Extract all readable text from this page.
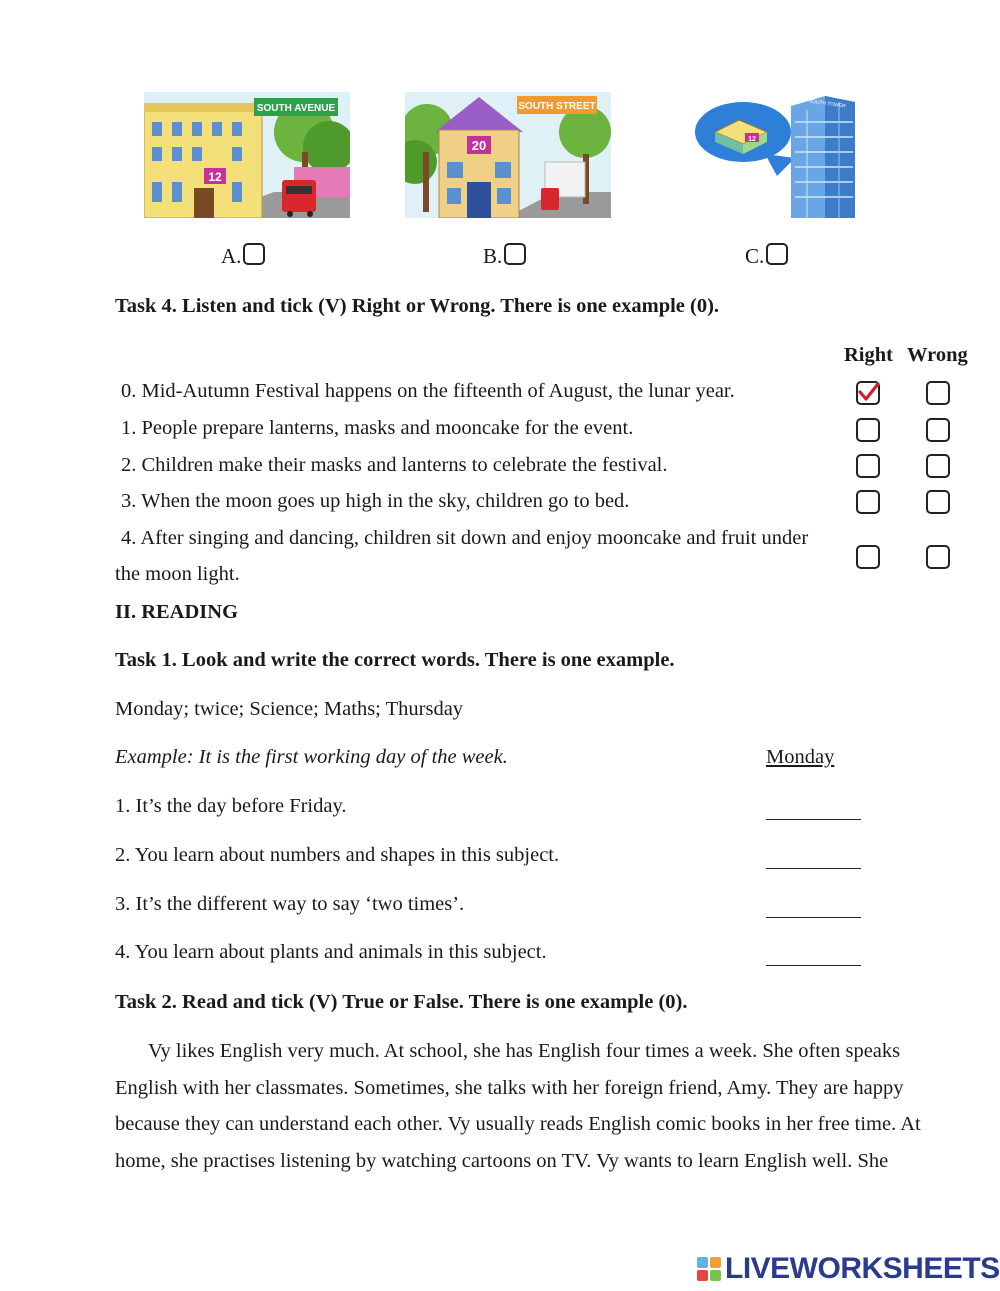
12
SOUTH AVENUE
20
SOUTH STREET
12
SOUTH TOWER
A.	B.	C.
Task 4. Listen and tick (V) Right or Wrong. There is one example (0).
Right Wrong
0. Mid-Autumn Festival happens on the fifteenth of August, the lunar year.
1. People prepare lanterns, masks and mooncake for the event.
2. Children make their masks and lanterns to celebrate the festival.
3. When the moon goes up high in the sky, children go to bed.
4. After singing and dancing, children sit down and enjoy mooncake and fruit under
the moon light.
II. READING
Task 1. Look and write the correct words. There is one example.
Monday; twice; Science; Maths; Thursday
Example: It is the first working day of the week.	Monday
1. It’s the day before Friday.
2. You learn about numbers and shapes in this subject.
3. It’s the different way to say ‘two times’.
4. You learn about plants and animals in this subject.
Task 2. Read and tick (V) True or False. There is one example (0).
Vy likes English very much. At school, she has English four times a week. She often speaks English with her classmates. Sometimes, she talks with her foreign friend, Amy. They are happy because they can understand each other. Vy usually reads English comic books in her free time. At home, she practises listening by watching cartoons on TV. Vy wants to learn English well. She
LIVEWORKSHEETS
